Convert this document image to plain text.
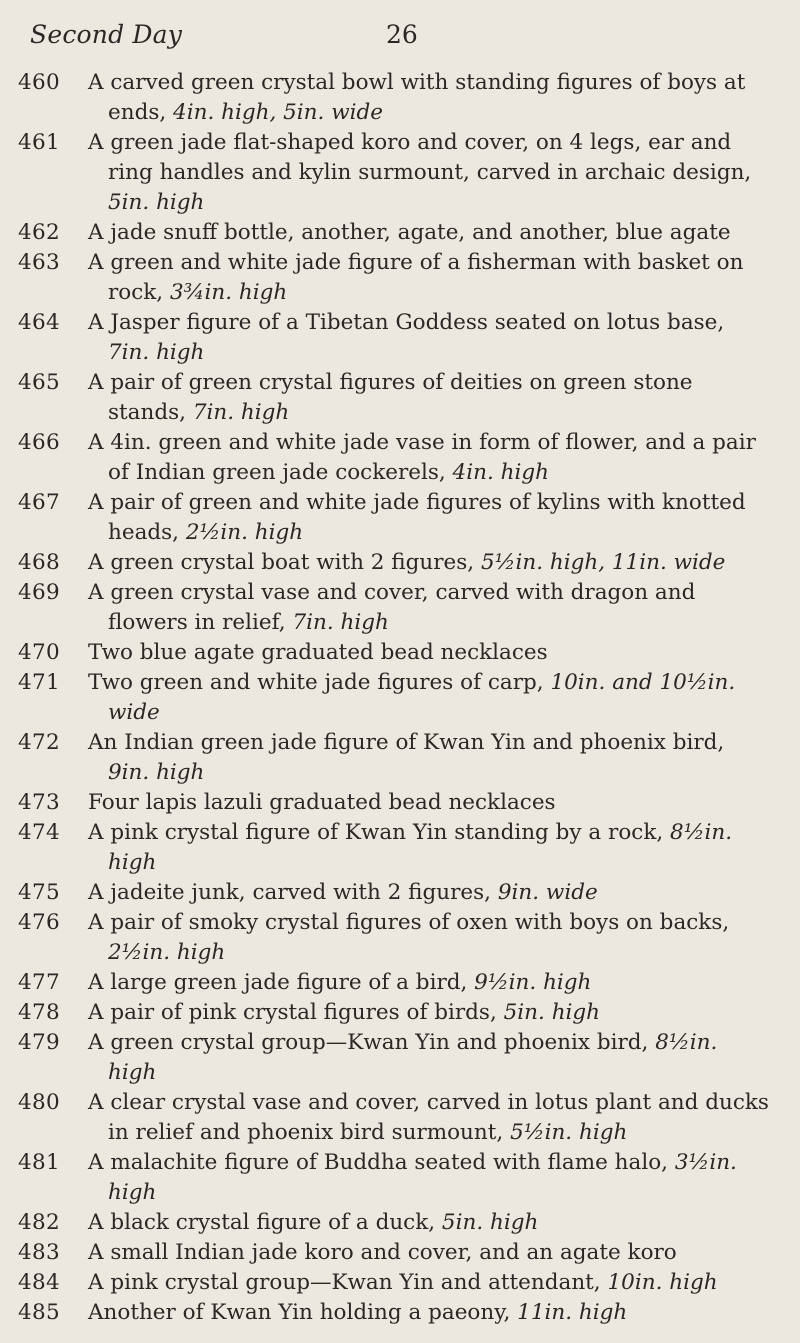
Second Day	26
460	A carved green crystal bowl with standing figures of boys at ends, 4in. high, 5in. wide
461	A green jade flat-shaped koro and cover, on 4 legs, ear and ring handles and kylin surmount, carved in archaic design, 5in. high
462	A jade snuff bottle, another, agate, and another, blue agate
463	A green and white jade figure of a fisherman with basket on rock, 3¾in. high
464	A Jasper figure of a Tibetan Goddess seated on lotus base, 7in. high
465	A pair of green crystal figures of deities on green stone stands, 7in. high
466	A 4in. green and white jade vase in form of flower, and a pair of Indian green jade cockerels, 4in. high
467	A pair of green and white jade figures of kylins with knotted heads, 2½in. high
468	A green crystal boat with 2 figures, 5½in. high, 11in. wide
469	A green crystal vase and cover, carved with dragon and flowers in relief, 7in. high
470	Two blue agate graduated bead necklaces
471	Two green and white jade figures of carp, 10in. and 10½in. wide
472	An Indian green jade figure of Kwan Yin and phoenix bird, 9in. high
473	Four lapis lazuli graduated bead necklaces
474	A pink crystal figure of Kwan Yin standing by a rock, 8½in. high
475	A jadeite junk, carved with 2 figures, 9in. wide
476	A pair of smoky crystal figures of oxen with boys on backs, 2½in. high
477	A large green jade figure of a bird, 9½in. high
478	A pair of pink crystal figures of birds, 5in. high
479	A green crystal group—Kwan Yin and phoenix bird, 8½in. high
480	A clear crystal vase and cover, carved in lotus plant and ducks in relief and phoenix bird surmount, 5½in. high
481	A malachite figure of Buddha seated with flame halo, 3½in. high
482	A black crystal figure of a duck, 5in. high
483	A small Indian jade koro and cover, and an agate koro
484	A pink crystal group—Kwan Yin and attendant, 10in. high
485	Another of Kwan Yin holding a paeony, 11in. high
